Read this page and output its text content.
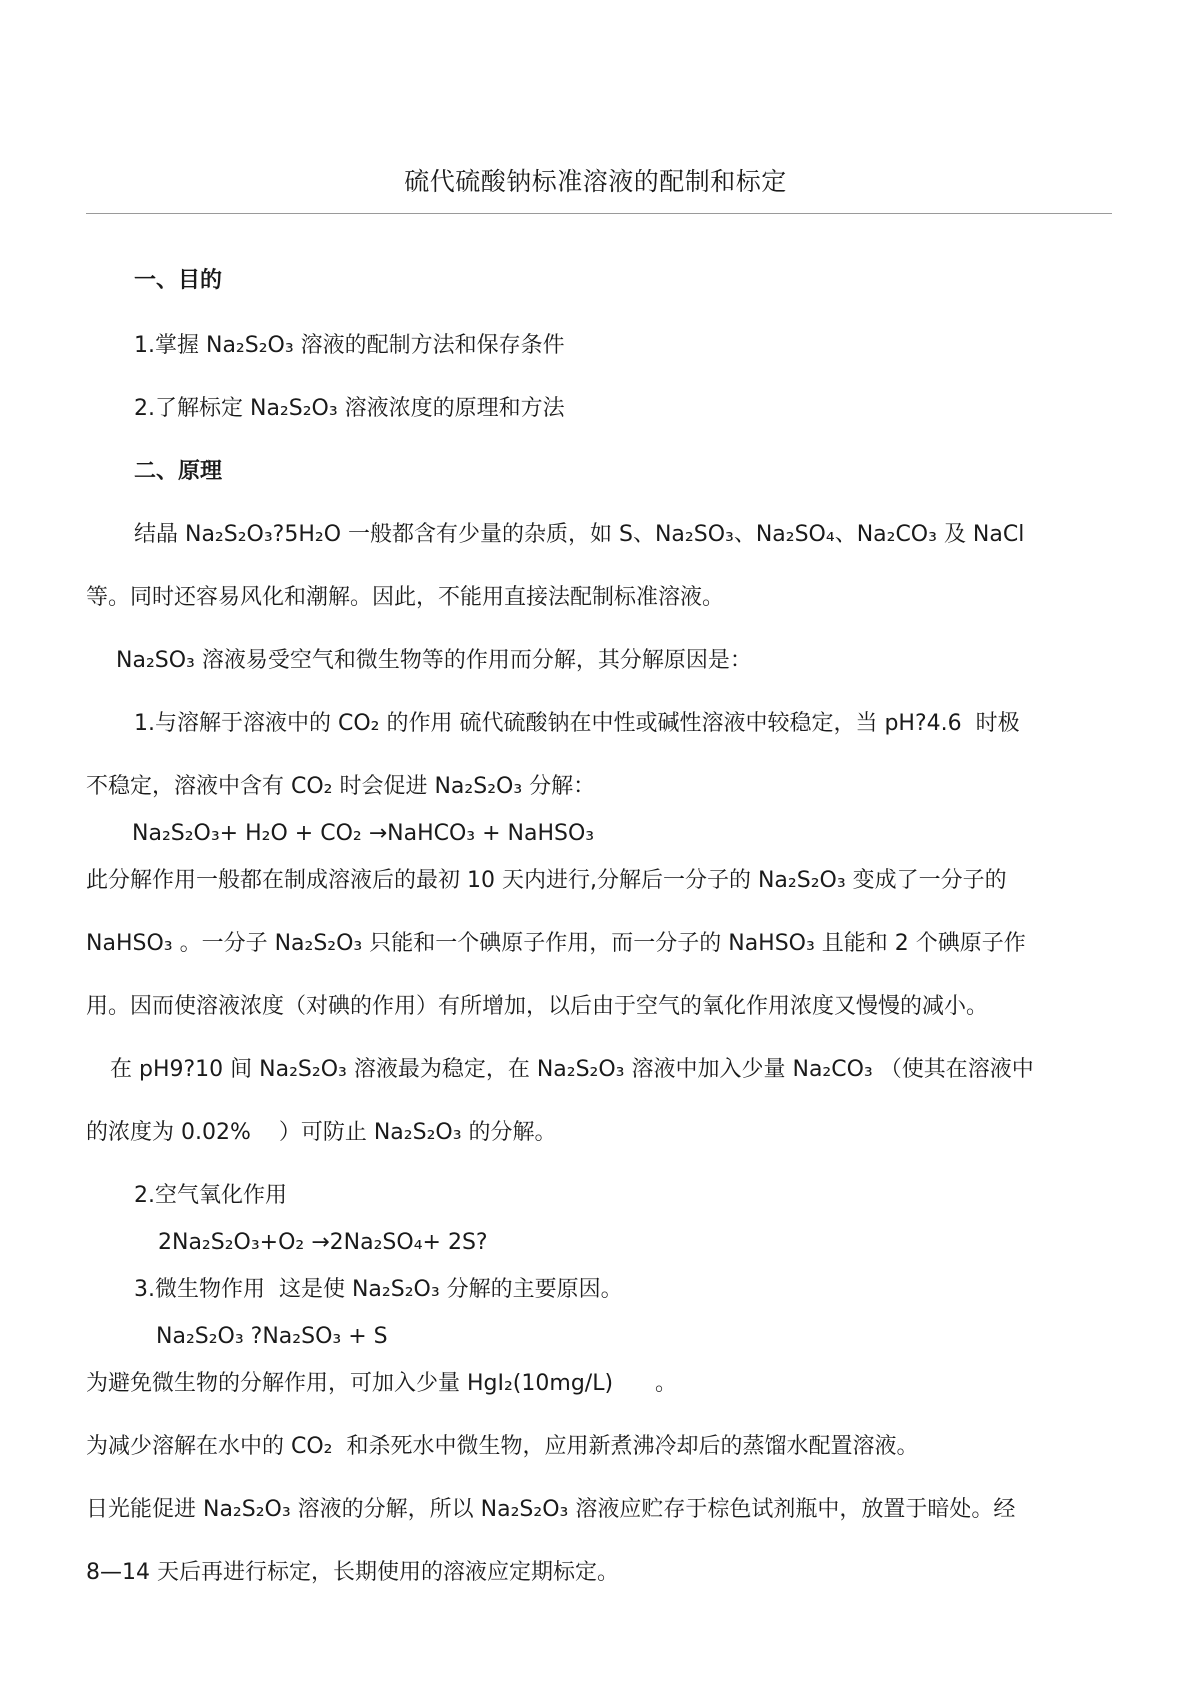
硫代硫酸钠标准溶液的配制和标定
一、目的
1.掌握 Na₂S₂O₃ 溶液的配制方法和保存条件
2.了解标定 Na₂S₂O₃ 溶液浓度的原理和方法
二、原理
结晶 Na₂S₂O₃?5H₂O 一般都含有少量的杂质，如 S、Na₂SO₃、Na₂SO₄、Na₂CO₃ 及 NaCl
等。同时还容易风化和潮解。因此，不能用直接法配制标准溶液。
Na₂SO₃ 溶液易受空气和微生物等的作用而分解，其分解原因是：
1.与溶解于溶液中的 CO₂ 的作用 硫代硫酸钠在中性或碱性溶液中较稳定，当 pH?4.6  时极
不稳定，溶液中含有 CO₂ 时会促进 Na₂S₂O₃ 分解：
Na₂S₂O₃+ H₂O + CO₂ →NaHCO₃ + NaHSO₃
此分解作用一般都在制成溶液后的最初 10 天内进行,分解后一分子的 Na₂S₂O₃ 变成了一分子的
NaHSO₃ 。一分子 Na₂S₂O₃ 只能和一个碘原子作用，而一分子的 NaHSO₃ 且能和 2 个碘原子作
用。因而使溶液浓度（对碘的作用）有所增加，以后由于空气的氧化作用浓度又慢慢的减小。
在 pH9?10 间 Na₂S₂O₃ 溶液最为稳定，在 Na₂S₂O₃ 溶液中加入少量 Na₂CO₃ （使其在溶液中
的浓度为 0.02%    ）可防止 Na₂S₂O₃ 的分解。
2.空气氧化作用
2Na₂S₂O₃+O₂ →2Na₂SO₄+ 2S?
3.微生物作用  这是使 Na₂S₂O₃ 分解的主要原因。
Na₂S₂O₃ ?Na₂SO₃ + S
为避免微生物的分解作用，可加入少量 HgI₂(10mg/L)      。
为减少溶解在水中的 CO₂  和杀死水中微生物，应用新煮沸冷却后的蒸馏水配置溶液。
日光能促进 Na₂S₂O₃ 溶液的分解，所以 Na₂S₂O₃ 溶液应贮存于棕色试剂瓶中，放置于暗处。经
8—14 天后再进行标定，长期使用的溶液应定期标定。
